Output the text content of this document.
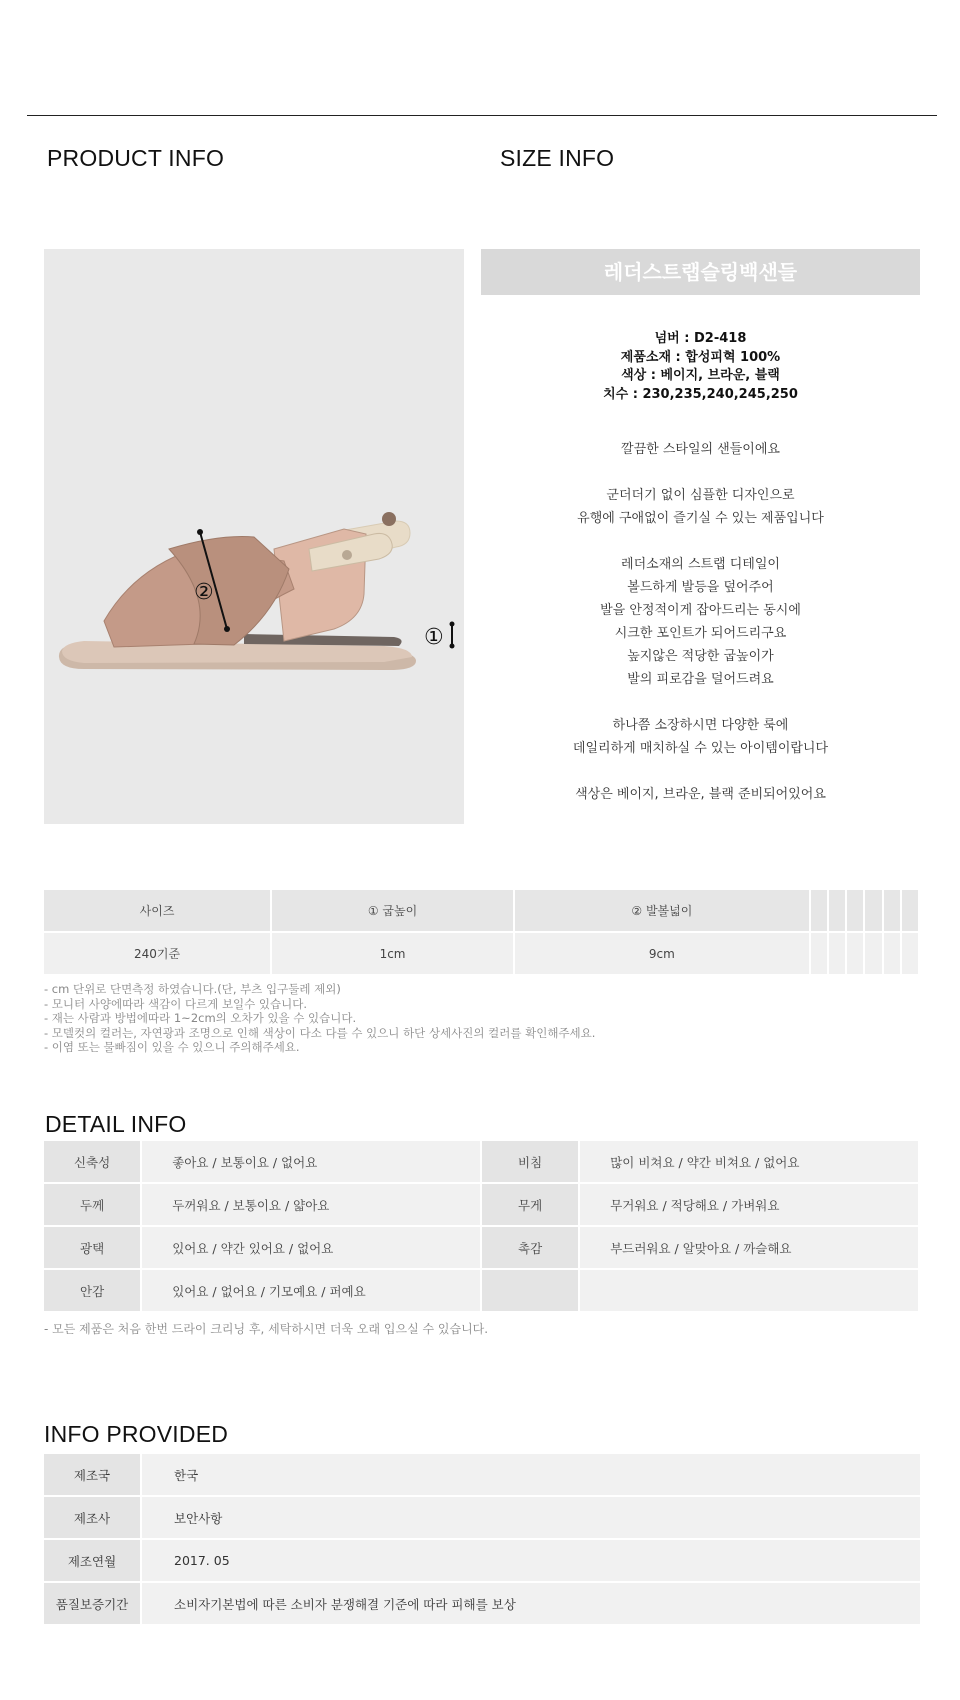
PRODUCT INFO	SIZE INFO
②
①
레더스트랩슬링백샌들
넘버 : D2-418
제품소재 : 합성피혁 100%
색상 : 베이지, 브라운, 블랙
치수 : 230,235,240,245,250

깔끔한 스타일의 샌들이에요

군더더기 없이 심플한 디자인으로
유행에 구애없이 즐기실 수 있는 제품입니다

레더소재의 스트랩 디테일이
볼드하게 발등을 덮어주어
발을 안정적이게 잡아드리는 동시에
시크한 포인트가 되어드리구요
높지않은 적당한 굽높이가
발의 피로감을 덜어드려요

하나쯤 소장하시면 다양한 룩에
데일리하게 매치하실 수 있는 아이템이랍니다

색상은 베이지, 브라운, 블랙 준비되어있어요

사이즈	① 굽높이	② 발볼넓이						
240기준	1cm	9cm						
- cm 단위로 단면측정 하였습니다.(단, 부츠 입구둘레 제외)
- 모니터 사양에따라 색감이 다르게 보일수 있습니다.
- 재는 사람과 방법에따라 1~2cm의 오차가 있을 수 있습니다.
- 모델컷의 컬러는, 자연광과 조명으로 인해 색상이 다소 다를 수 있으니 하단 상세사진의 컬러를 확인해주세요.
- 이염 또는 물빠짐이 있을 수 있으니 주의해주세요.
DETAIL INFO
신축성	좋아요 / 보통이요 / 없어요	비침	많이 비쳐요 / 약간 비쳐요 / 없어요
두께	두꺼워요 / 보통이요 / 얇아요	무게	무거워요 / 적당해요 / 가벼워요
광택	있어요 / 약간 있어요 / 없어요	촉감	부드러워요 / 알맞아요 / 까슬해요
안감	있어요 / 없어요 / 기모예요 / 퍼예요		
- 모든 제품은 처음 한번 드라이 크리닝 후, 세탁하시면 더욱 오래 입으실 수 있습니다.
INFO PROVIDED
제조국	한국
제조사	보안사항
제조연월	2017. 05
품질보증기간	소비자기본법에 따른 소비자 분쟁해결 기준에 따라 피해를 보상
